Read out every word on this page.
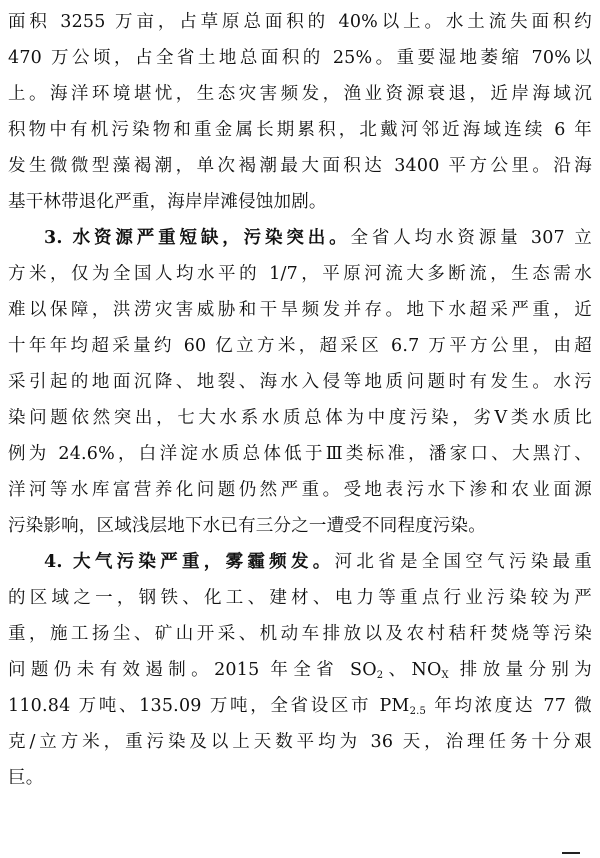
面积 3255 万亩，占草原总面积的 40%以上。水土流失面积约
470 万公顷，占全省土地总面积的 25%。重要湿地萎缩 70%以
上。海洋环境堪忧，生态灾害频发，渔业资源衰退，近岸海域沉
积物中有机污染物和重金属长期累积，北戴河邻近海域连续 6 年
发生微微型藻褐潮，单次褐潮最大面积达 3400 平方公里。沿海
基干林带退化严重，海岸岸滩侵蚀加剧。
3. 水资源严重短缺，污染突出。全省人均水资源量 307 立
方米，仅为全国人均水平的 1/7，平原河流大多断流，生态需水
难以保障，洪涝灾害威胁和干旱频发并存。地下水超采严重，近
十年年均超采量约 60 亿立方米，超采区 6.7 万平方公里，由超
采引起的地面沉降、地裂、海水入侵等地质问题时有发生。水污
染问题依然突出，七大水系水质总体为中度污染，劣Ⅴ类水质比
例为 24.6%，白洋淀水质总体低于Ⅲ类标准，潘家口、大黑汀、
洋河等水库富营养化问题仍然严重。受地表污水下渗和农业面源
污染影响，区域浅层地下水已有三分之一遭受不同程度污染。
4. 大气污染严重，雾霾频发。河北省是全国空气污染最重
的区域之一，钢铁、化工、建材、电力等重点行业污染较为严
重，施工扬尘、矿山开采、机动车排放以及农村秸秆焚烧等污染
问题仍未有效遏制。2015 年全省 $SO_2$、$NO_X$ 排放量分别为
110.84 万吨、135.09 万吨，全省设区市 $PM_{2.5}$ 年均浓度达 77 微
克/立方米，重污染及以上天数平均为 36 天，治理任务十分艰
巨。
